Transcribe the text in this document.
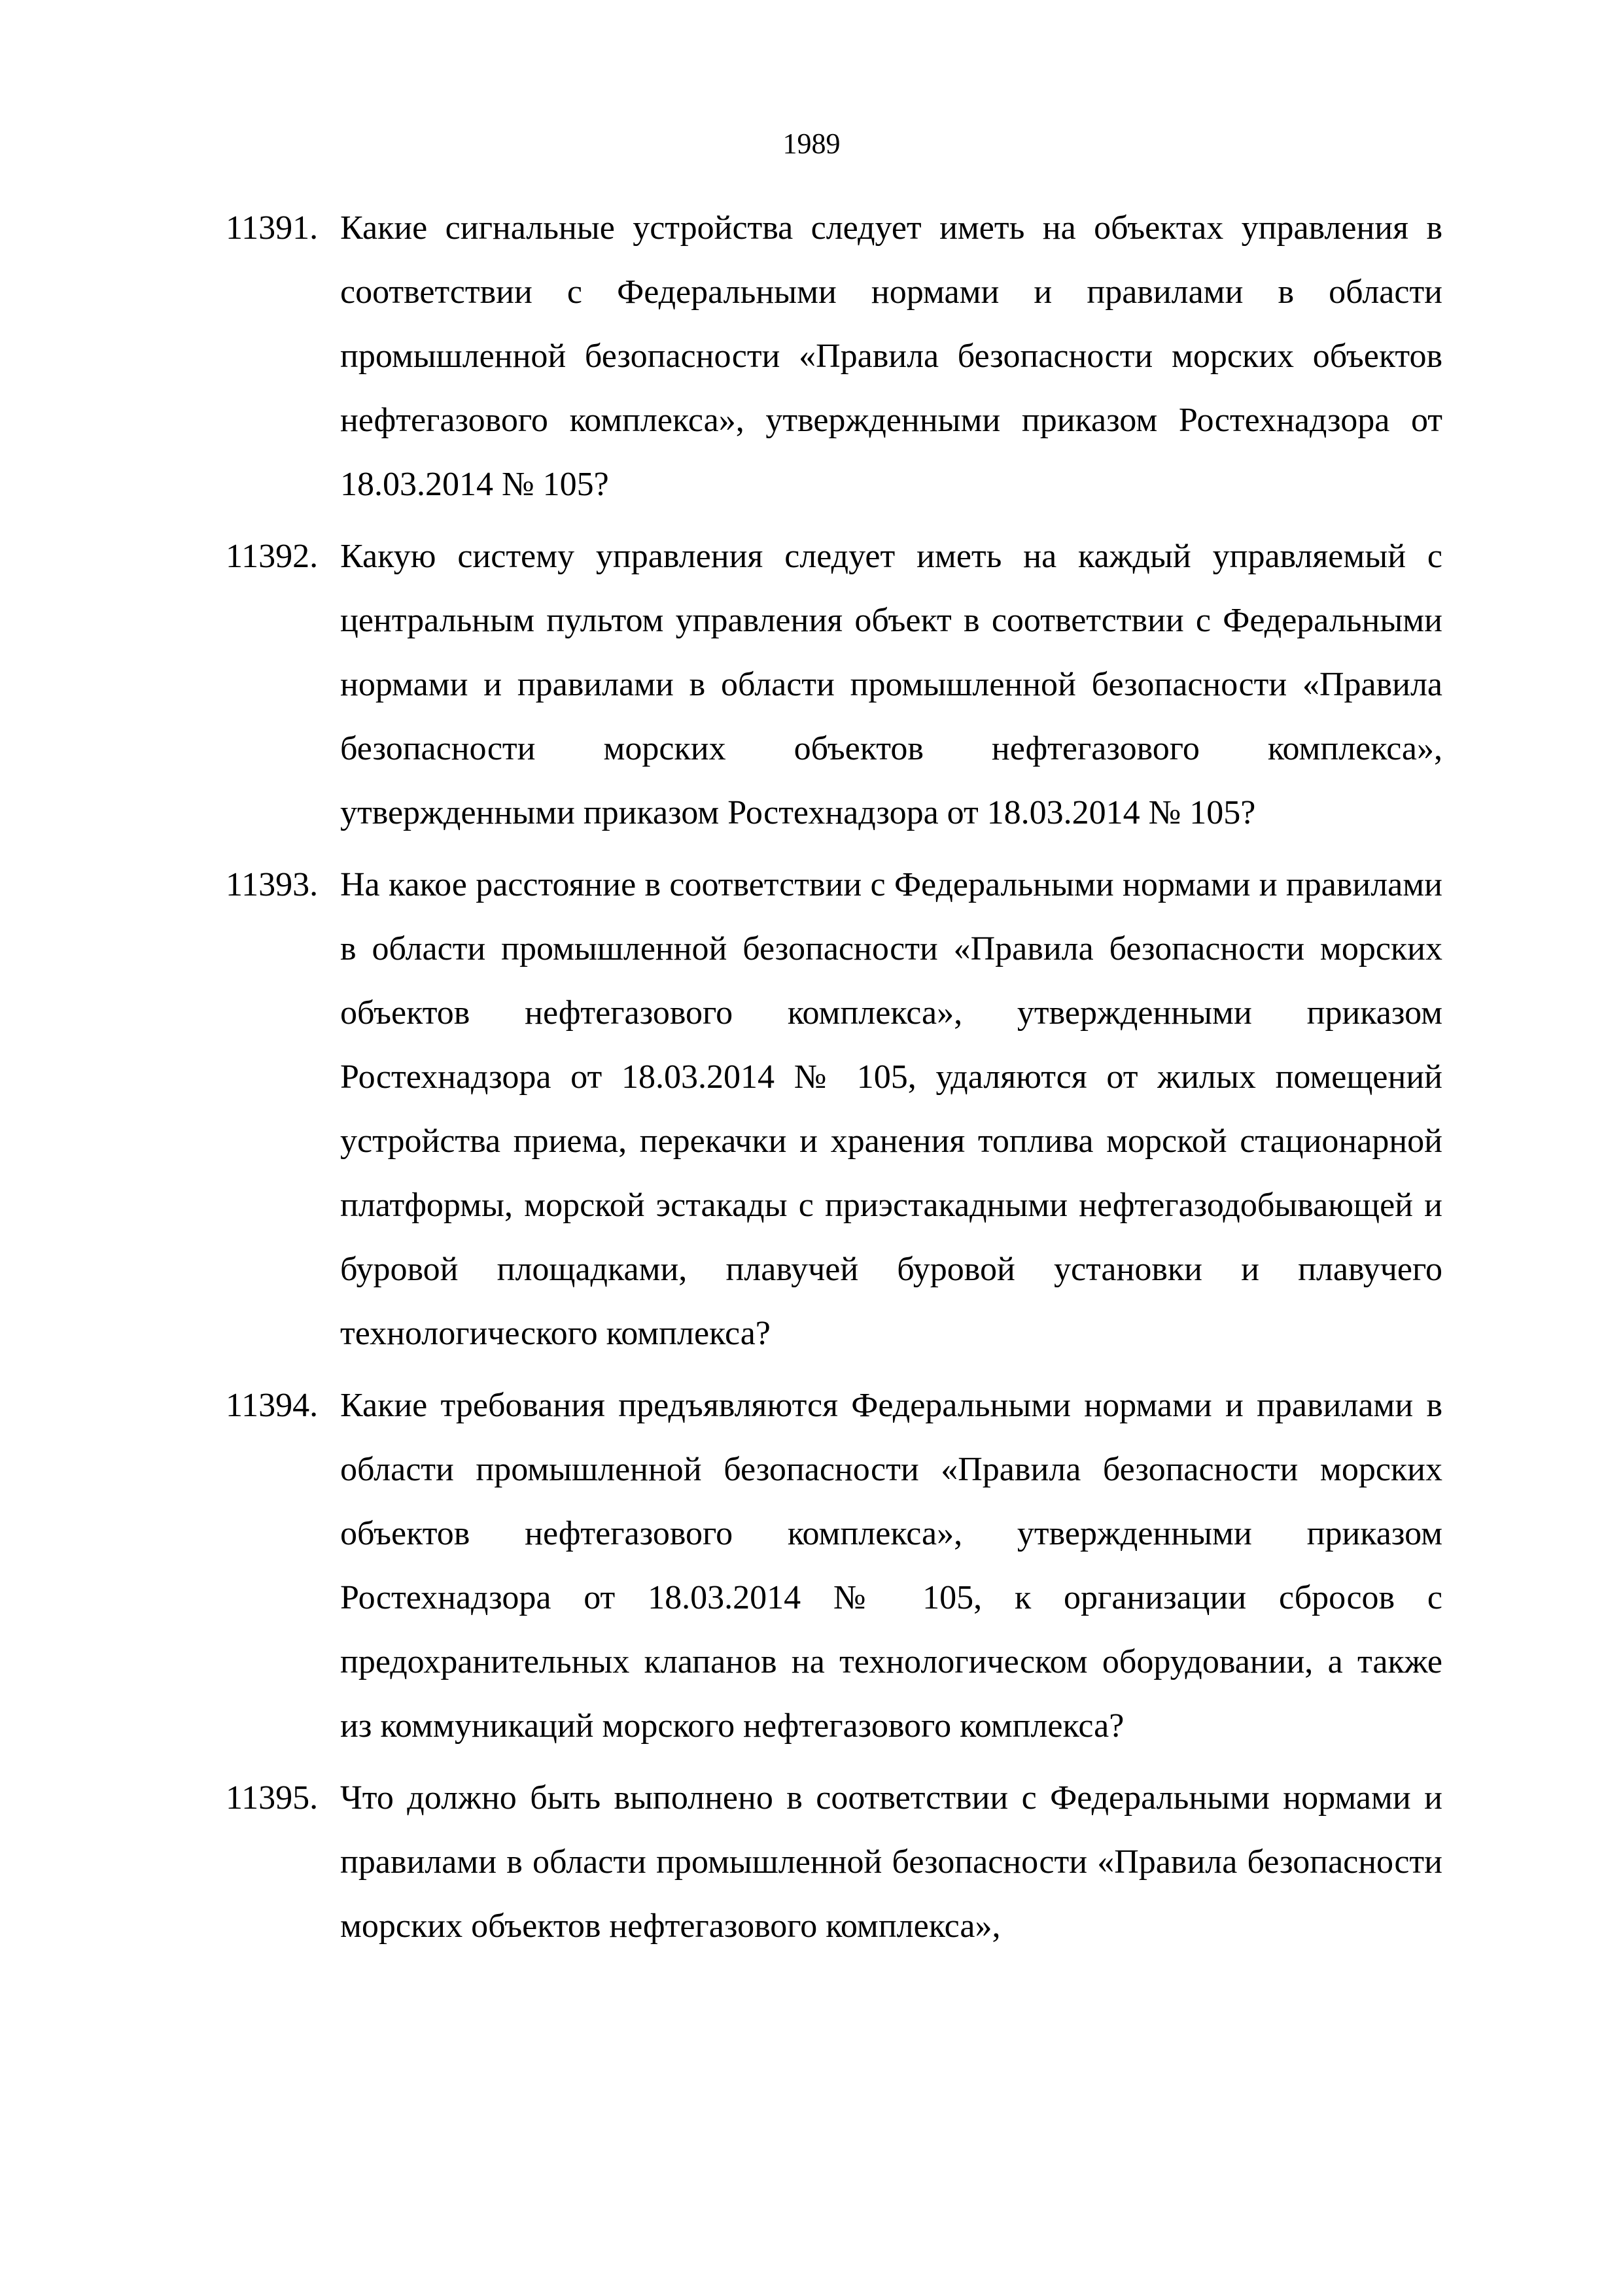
1989
11391. Какие сигнальные устройства следует иметь на объектах управления в соответствии с Федеральными нормами и правилами в области промышленной безопасности «Правила безопасности морских объектов нефтегазового комплекса», утвержденными приказом Ростехнадзора от 18.03.2014 № 105?
11392. Какую систему управления следует иметь на каждый управляемый с центральным пультом управления объект в соответствии с Федеральными нормами и правилами в области промышленной безопасности «Правила безопасности морских объектов нефтегазового комплекса», утвержденными приказом Ростехнадзора от 18.03.2014 № 105?
11393. На какое расстояние в соответствии с Федеральными нормами и правилами в области промышленной безопасности «Правила безопасности морских объектов нефтегазового комплекса», утвержденными приказом Ростехнадзора от 18.03.2014 № 105, удаляются от жилых помещений устройства приема, перекачки и хранения топлива морской стационарной платформы, морской эстакады с приэстакадными нефтегазодобывающей и буровой площадками, плавучей буровой установки и плавучего технологического комплекса?
11394. Какие требования предъявляются Федеральными нормами и правилами в области промышленной безопасности «Правила безопасности морских объектов нефтегазового комплекса», утвержденными приказом Ростехнадзора от 18.03.2014 № 105, к организации сбросов с предохранительных клапанов на технологическом оборудовании, а также из коммуникаций морского нефтегазового комплекса?
11395. Что должно быть выполнено в соответствии с Федеральными нормами и правилами в области промышленной безопасности «Правила безопасности морских объектов нефтегазового комплекса»,
